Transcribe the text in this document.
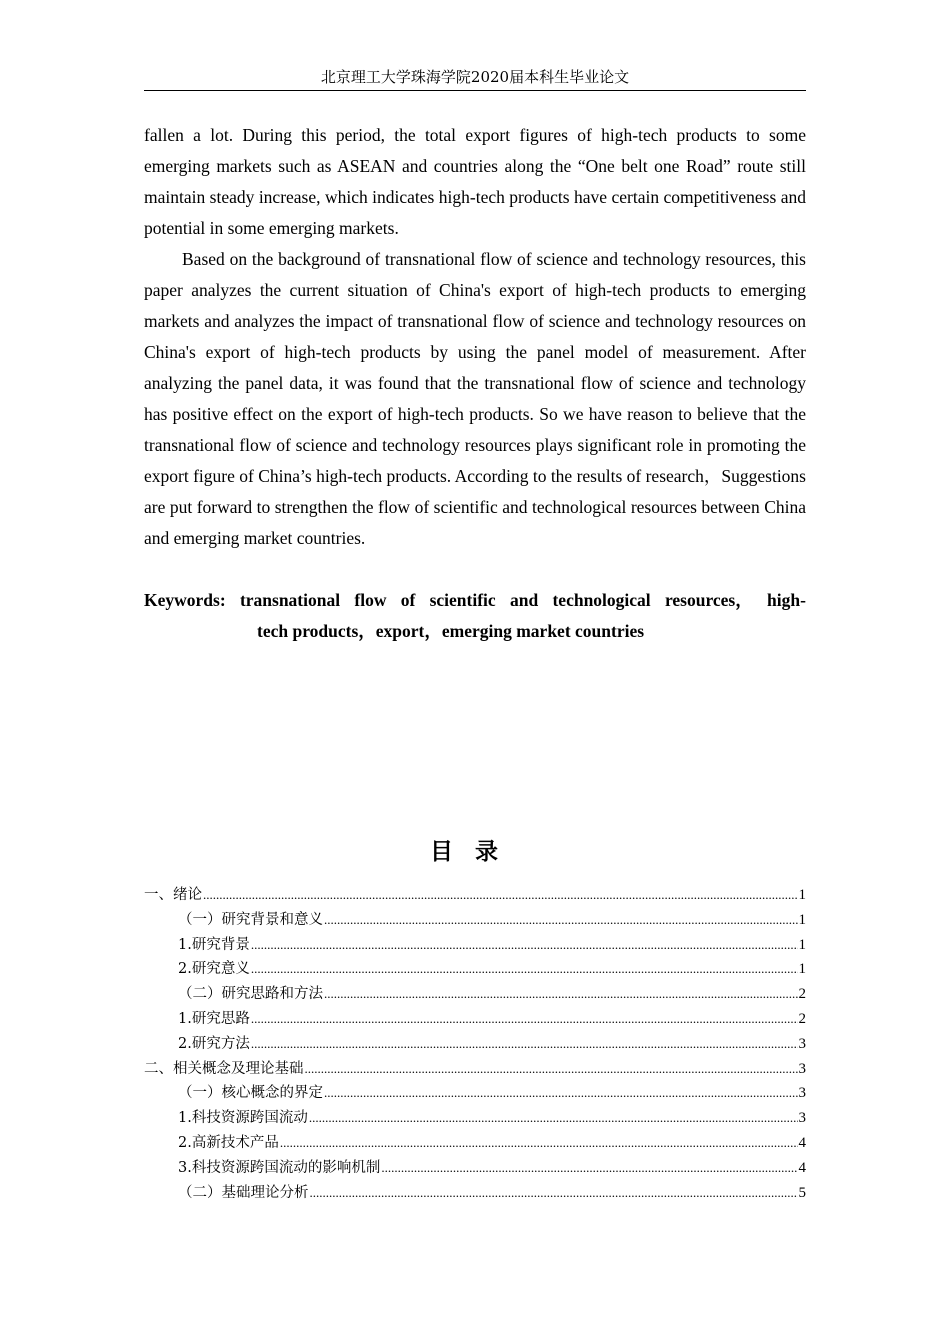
北京理工大学珠海学院2020届本科生毕业论文

fallen a lot. During this period, the total export figures of high-tech products to some emerging markets such as ASEAN and countries along the “One belt one Road” route still maintain steady increase, which indicates high-tech products have certain competitiveness and potential in some emerging markets.

Based on the background of transnational flow of science and technology resources, this paper analyzes the current situation of China's export of high-tech products to emerging markets and analyzes the impact of transnational flow of science and technology resources on China's export of high-tech products by using the panel model of measurement. After analyzing the panel data, it was found that the transnational flow of science and technology has positive effect on the export of high-tech products. So we have reason to believe that the transnational flow of science and technology resources plays significant role in promoting the export figure of China’s high-tech products. According to the results of research，Suggestions are put forward to strengthen the flow of scientific and technological resources between China and emerging market countries.

Keywords: transnational flow of scientific and technological resources， high-
tech products，export，emerging market countries
目录
一、绪论 .....	1
（一）研究背景和意义 .....	1
1.研究背景 .....	1
2.研究意义 .....	1
（二）研究思路和方法 .....	2
1.研究思路 .....	2
2.研究方法 .....	3
二、相关概念及理论基础 .....	3
（一）核心概念的界定 .....	3
1.科技资源跨国流动 .....	3
2.高新技术产品 .....	4
3.科技资源跨国流动的影响机制 .....	4
（二）基础理论分析 .....	5
